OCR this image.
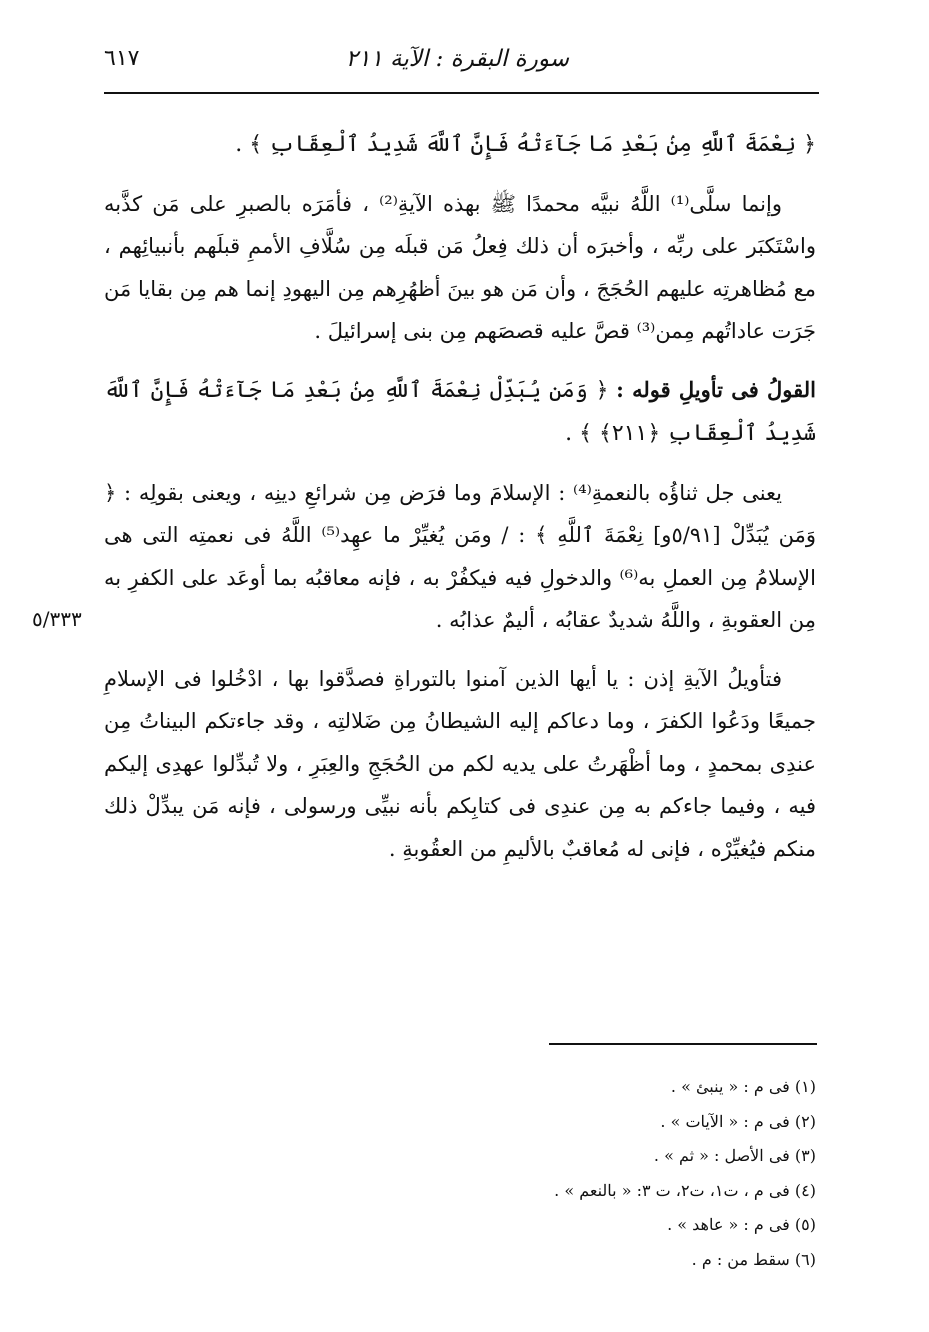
سورة البقرة : الآية ٢١١
٦١٧

﴿ نِعْمَةَ ٱللَّهِ مِنۢ بَعْدِ مَا جَآءَتْهُ فَإِنَّ ٱللَّهَ شَدِيدُ ٱلْعِقَابِ ﴾ .

وإنما سلَّى⁽¹⁾ اللَّهُ نبيَّه محمدًا ﷺ بهذه الآيةِ⁽²⁾ ، فأمَرَه بالصبرِ على مَن كذَّبه واسْتَكبَر على ربِّه ، وأخبرَه أن ذلك فِعلُ مَن قبلَه مِن سُلَّافِ الأممِ قبلَهم بأنبيائِهم ، مع مُظاهرتِه عليهم الحُجَجَ ، وأن مَن هو بينَ أظهُرِهم مِن اليهودِ إنما هم مِن بقايا مَن جَرَت عاداتُهم مِمن⁽³⁾ قصَّ عليه قصصَهم مِن بنى إسرائيلَ .

القولُ فى تأويلِ قوله : ﴿ وَمَن يُبَدِّلْ نِعْمَةَ ٱللَّهِ مِنۢ بَعْدِ مَا جَآءَتْهُ فَإِنَّ ٱللَّهَ شَدِيدُ ٱلْعِقَابِ ﴿٢١١﴾ ﴾ .

يعنى جل ثناؤُه بالنعمةِ⁽⁴⁾ : الإسلامَ وما فرَض مِن شرائعِ دينِه ، ويعنى بقولِه : ﴿ وَمَن يُبَدِّلْ [٥/٩١و] نِعْمَةَ ٱللَّهِ ﴾ : / ومَن يُغيِّرْ ما عهِد⁽⁵⁾ اللَّهُ فى نعمتِه التى هى الإسلامُ مِن العملِ به⁽⁶⁾ والدخولِ فيه فيكفُرْ به ، فإنه معاقبُه بما أوعَد على الكفرِ به مِن العقوبةِ ، واللَّهُ شديدٌ عقابُه ، أليمٌ عذابُه .

فتأويلُ الآيةِ إذن : يا أيها الذين آمنوا بالتوراةِ فصدَّقوا بها ، ادْخُلوا فى الإسلامِ جميعًا ودَعُوا الكفرَ ، وما دعاكم إليه الشيطانُ مِن ضَلالتِه ، وقد جاءتكم البيناتُ مِن عندِى بمحمدٍ ، وما أظْهَرتُ على يديه لكم من الحُجَجِ والعِبَرِ ، ولا تُبدِّلوا عهدِى إليكم فيه ، وفيما جاءكم به مِن عندِى فى كتابِكم بأنه نبيِّى ورسولى ، فإنه مَن يبدِّلْ ذلك منكم فيُغيِّرْه ، فإنى له مُعاقبٌ بالأليمِ من العقُوبةِ .

٥/٣٣٣
(١) فى م : « ينبئ » .
(٢) فى م : « الآيات » .
(٣) فى الأصل : « ثم » .
(٤) فى م ، ت١، ت٢، ت ٣: « بالنعم » .
(٥) فى م : « عاهد » .
(٦) سقط من : م .
